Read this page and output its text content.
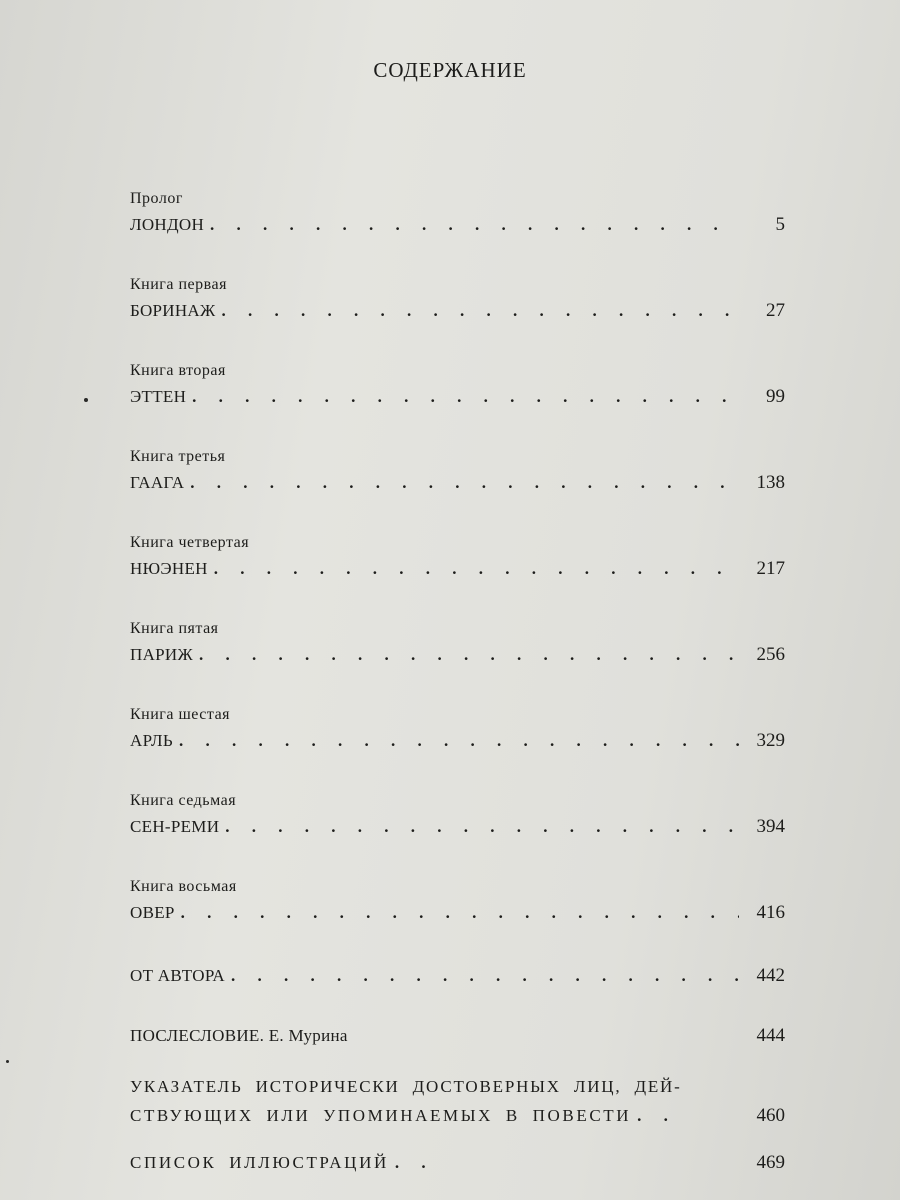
СОДЕРЖАНИЕ
Пролог
ЛОНДОН . . .	5
Книга первая
БОРИНАЖ . . .	27
Книга вторая
ЭТТЕН . . .	99
Книга третья
ГААГА . . .	138
Книга четвертая
НЮЭНЕН . . .	217
Книга пятая
ПАРИЖ . . .	256
Книга шестая
АРЛЬ . . .	329
Книга седьмая
СЕН-РЕМИ . . .	394
Книга восьмая
ОВЕР . . .	416
ОТ АВТОРА . . .	442
ПОСЛЕСЛОВИЕ. Е. Мурина	444
УКАЗАТЕЛЬ ИСТОРИЧЕСКИ ДОСТОВЕРНЫХ ЛИЦ, ДЕЙ-
СТВУЮЩИХ ИЛИ УПОМИНАЕМЫХ В ПОВЕСТИ . . .	460
СПИСОК ИЛЛЮСТРАЦИЙ . . .	469
